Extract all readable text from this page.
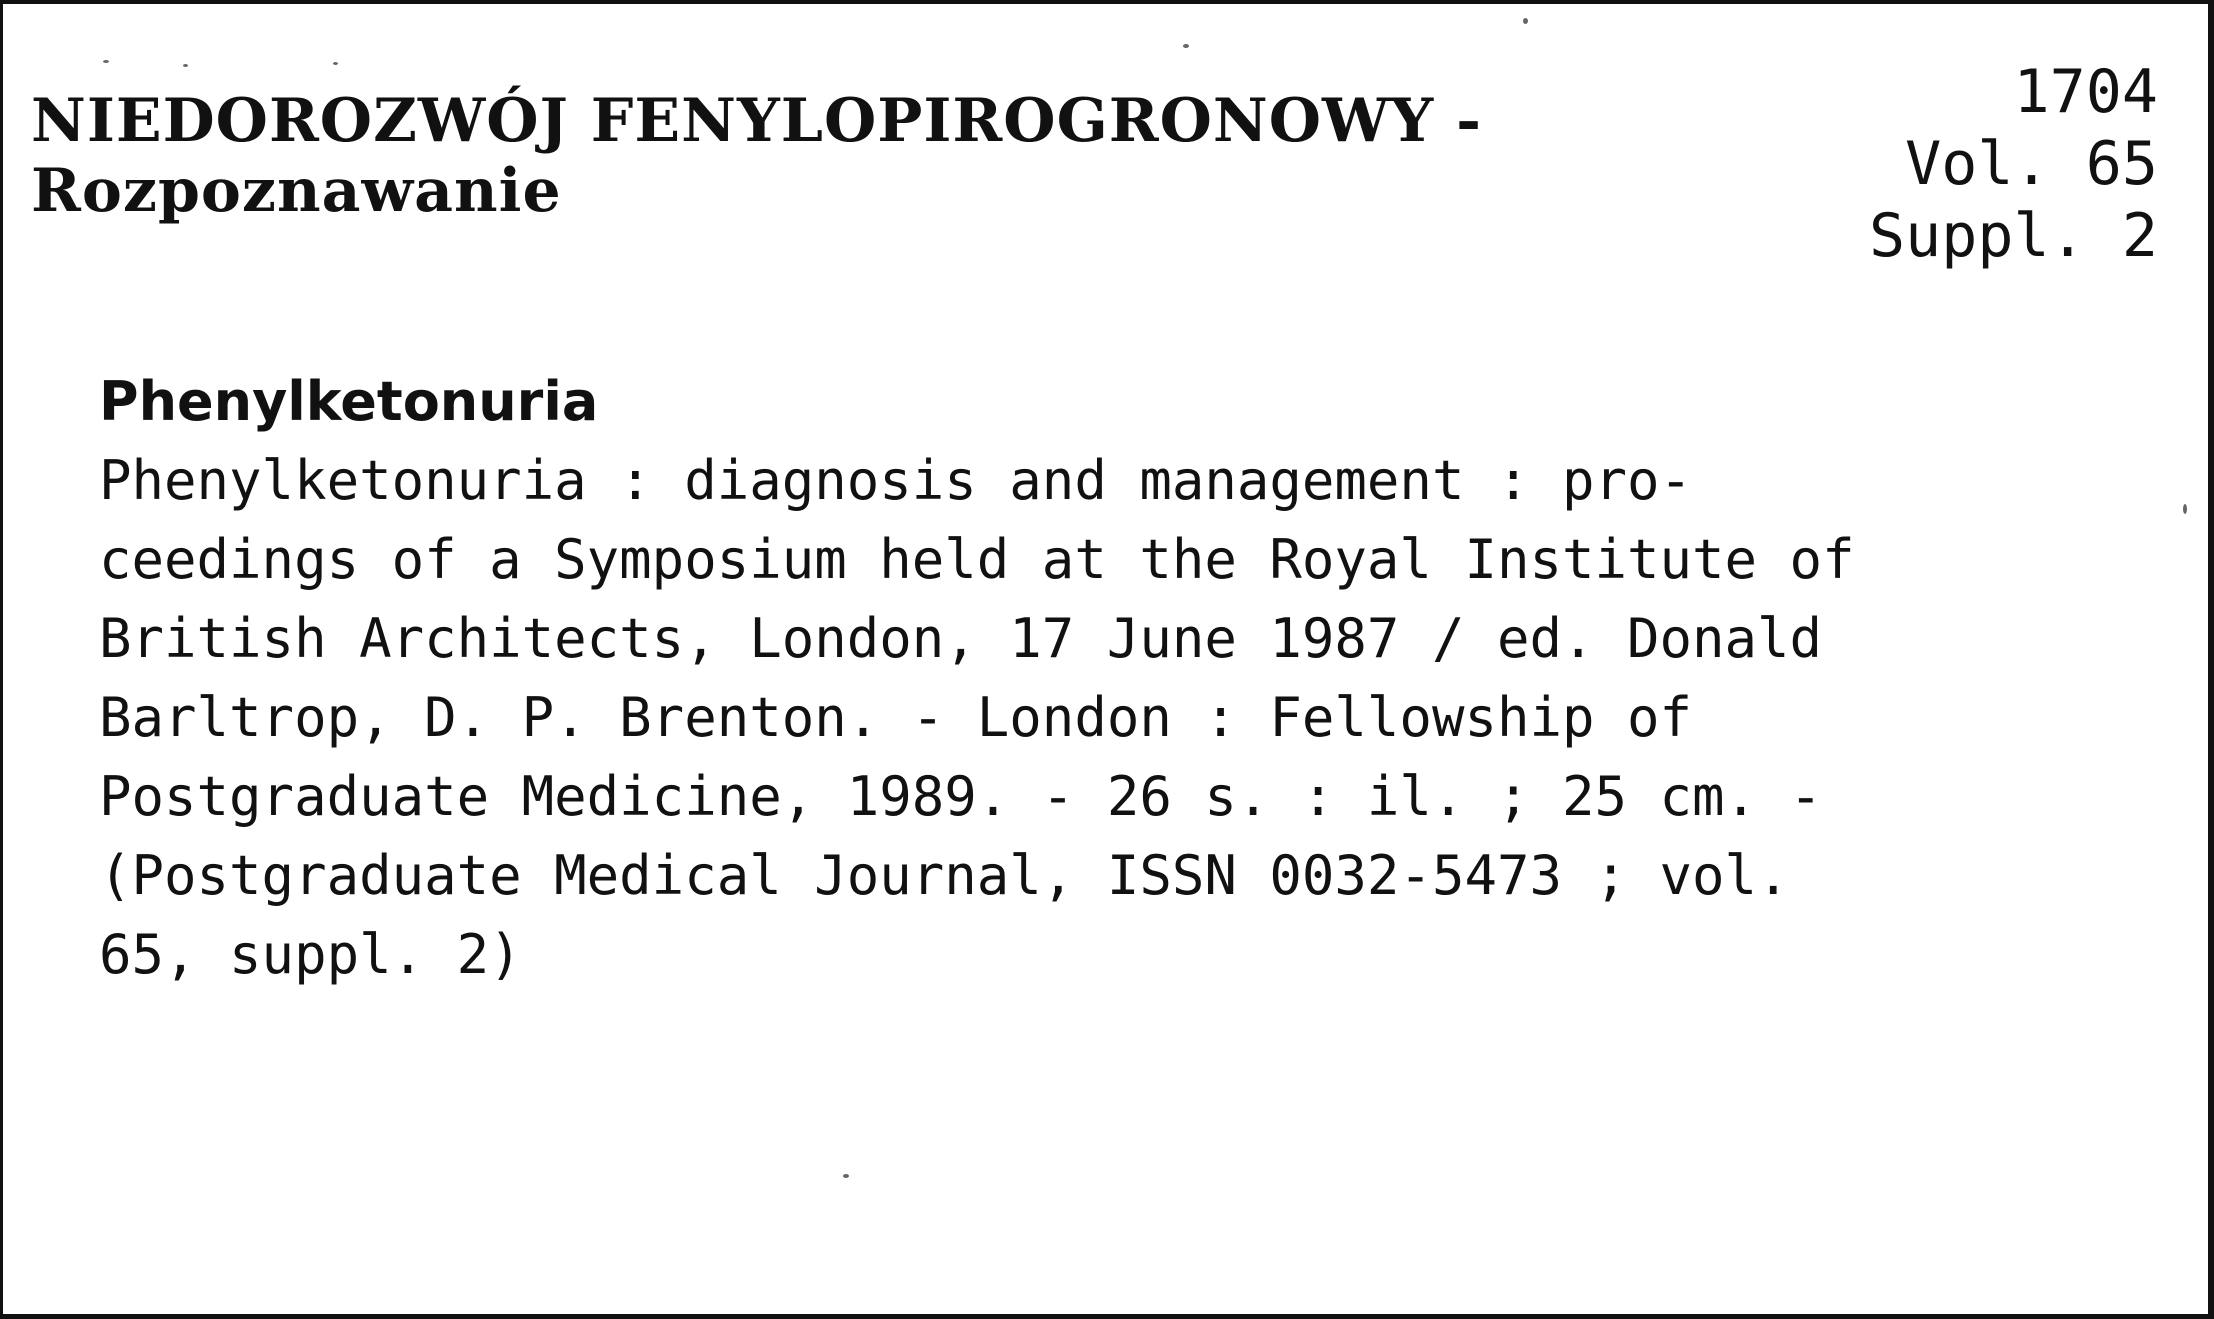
NIEDOROZWÓJ FENYLOPIROGRONOWY -
Rozpoznawanie
1704
Vol. 65
Suppl. 2
Phenylketonuria
Phenylketonuria : diagnosis and management : pro-
ceedings of a Symposium held at the Royal Institute of
British Architects, London, 17 June 1987 / ed. Donald
Barltrop, D. P. Brenton. - London : Fellowship of
Postgraduate Medicine, 1989. - 26 s. : il. ; 25 cm. -
(Postgraduate Medical Journal, ISSN 0032-5473 ; vol.
65, suppl. 2)
